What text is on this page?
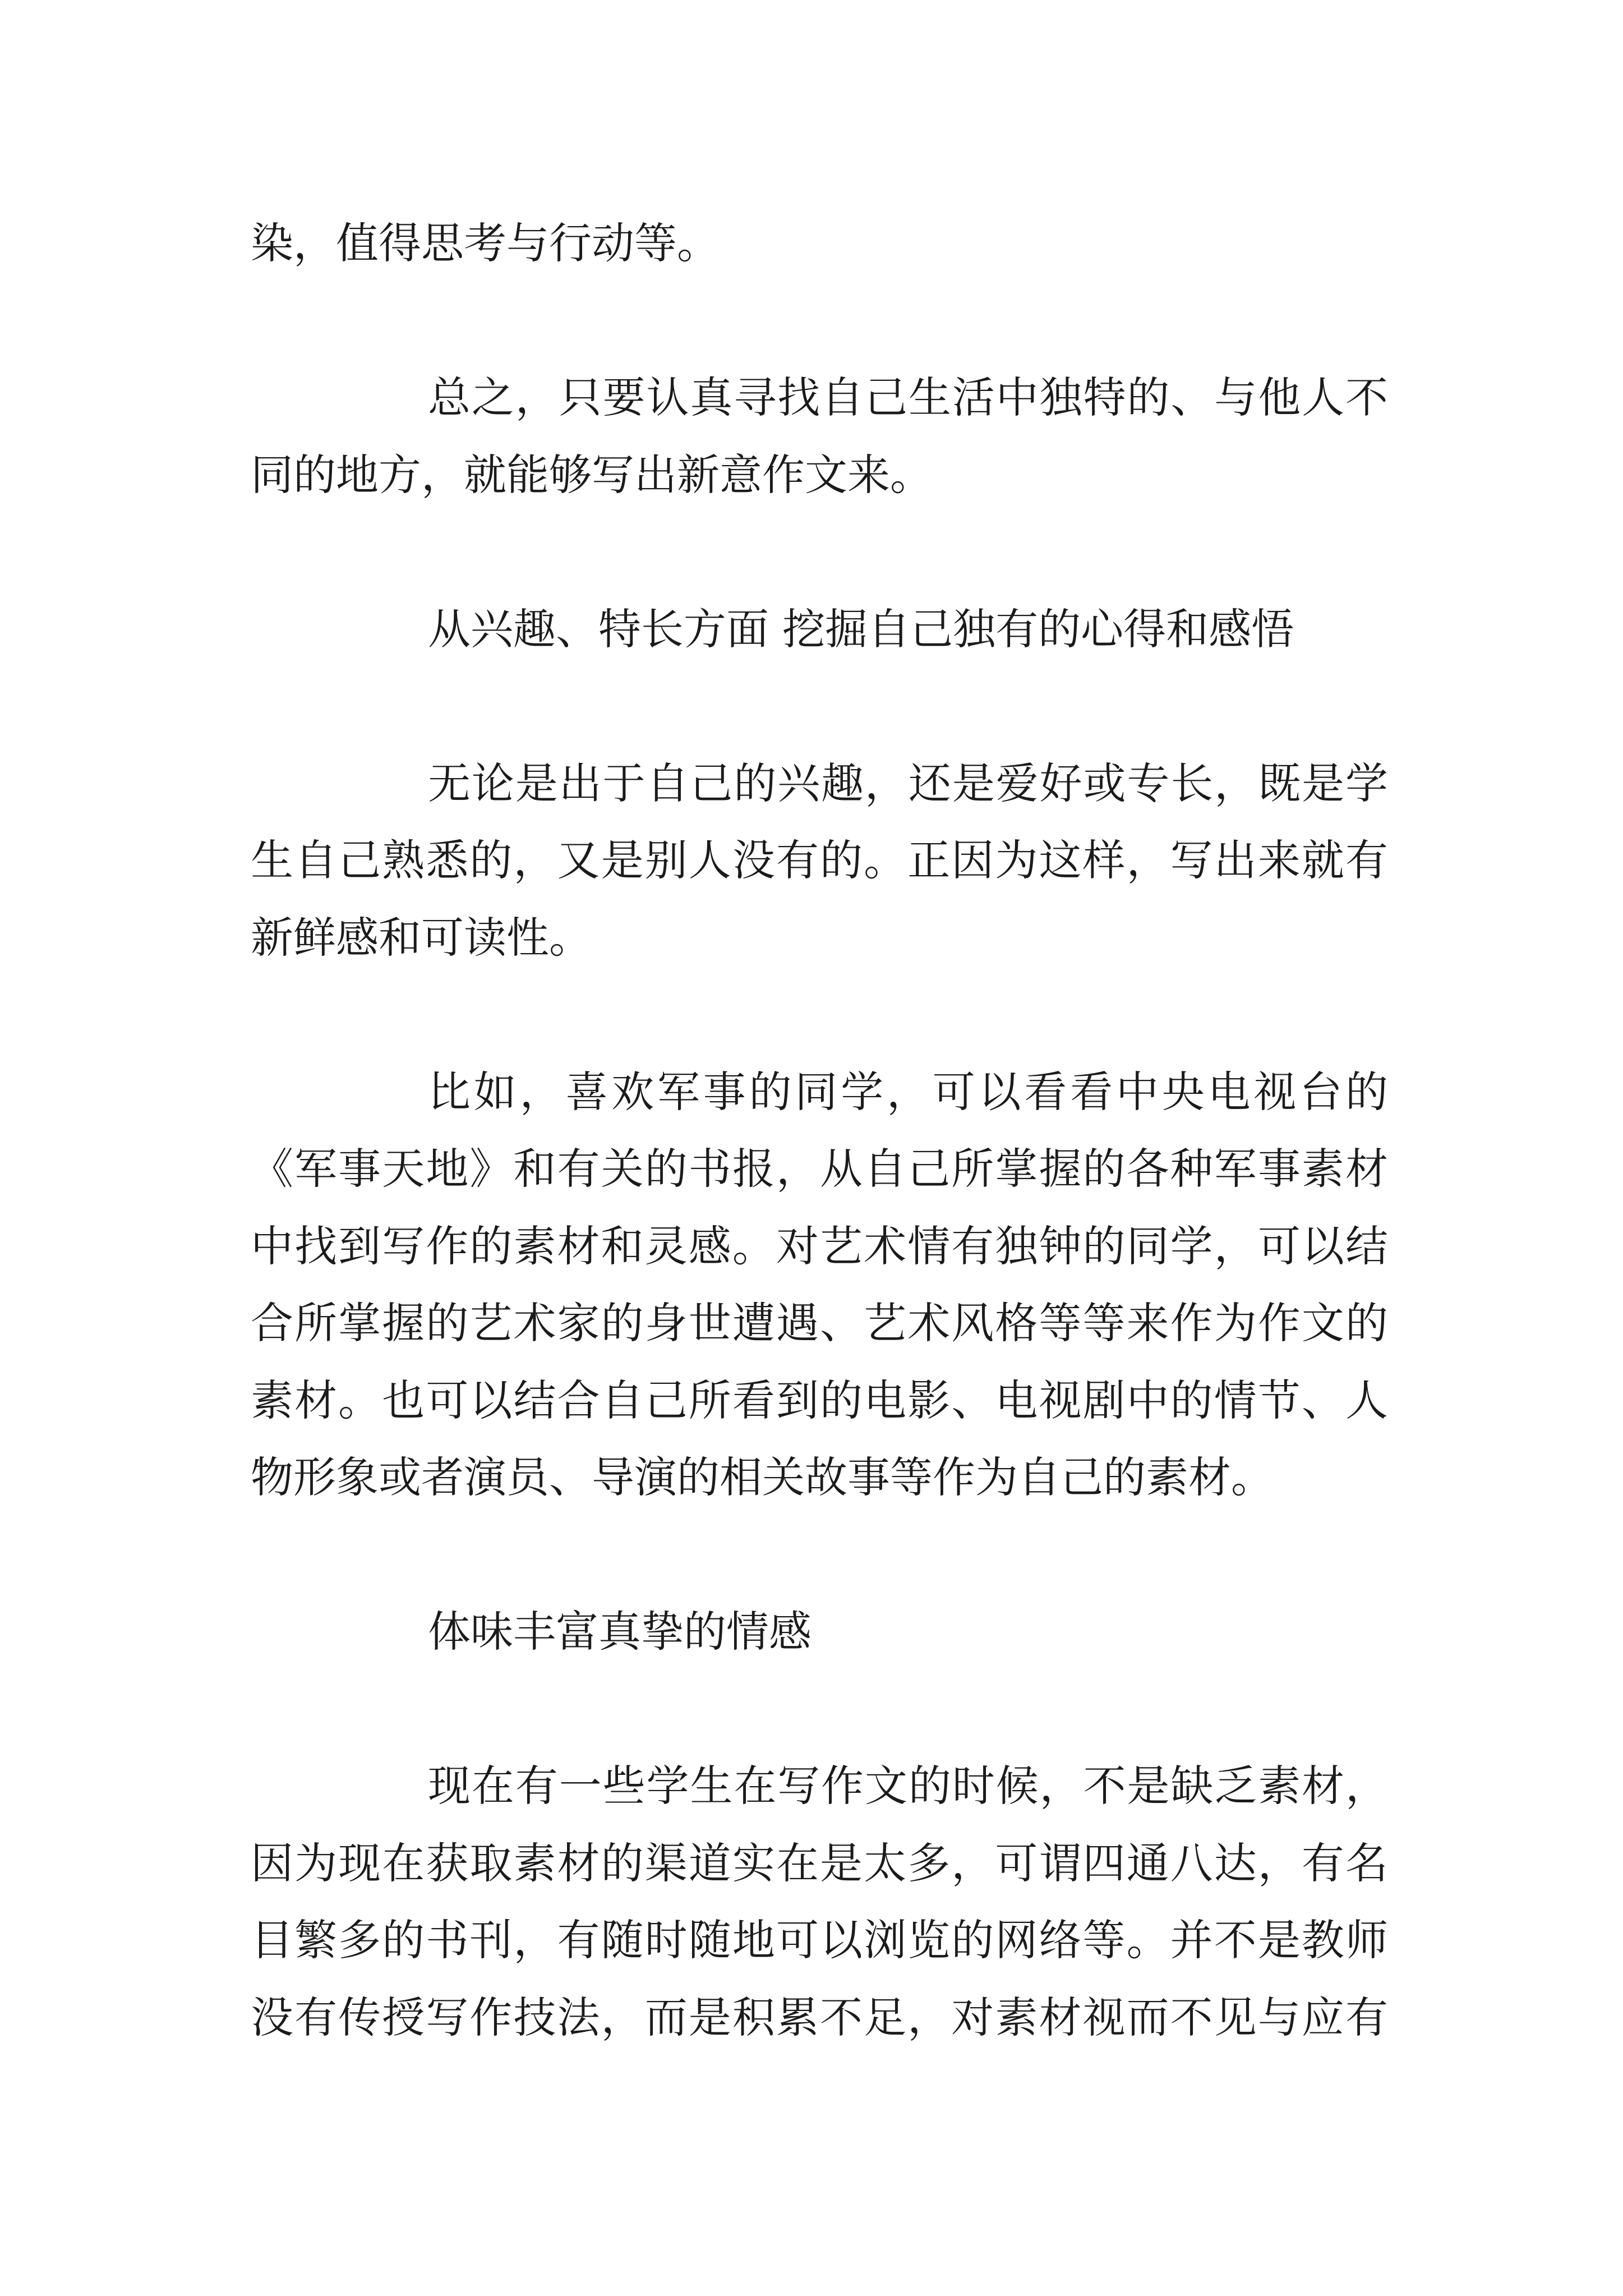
染，值得思考与行动等。
总之，只要认真寻找自己生活中独特的、与他人不
同的地方，就能够写出新意作文来。
从兴趣、特长方面 挖掘自己独有的心得和感悟
无论是出于自己的兴趣，还是爱好或专长，既是学
生自己熟悉的，又是别人没有的。正因为这样，写出来就有
新鲜感和可读性。
比如，喜欢军事的同学，可以看看中央电视台的
《军事天地》和有关的书报，从自己所掌握的各种军事素材
中找到写作的素材和灵感。对艺术情有独钟的同学，可以结
合所掌握的艺术家的身世遭遇、艺术风格等等来作为作文的
素材。也可以结合自己所看到的电影、电视剧中的情节、人
物形象或者演员、导演的相关故事等作为自己的素材。
体味丰富真挚的情感
现在有一些学生在写作文的时候，不是缺乏素材，
因为现在获取素材的渠道实在是太多，可谓四通八达，有名
目繁多的书刊，有随时随地可以浏览的网络等。并不是教师
没有传授写作技法，而是积累不足，对素材视而不见与应有
